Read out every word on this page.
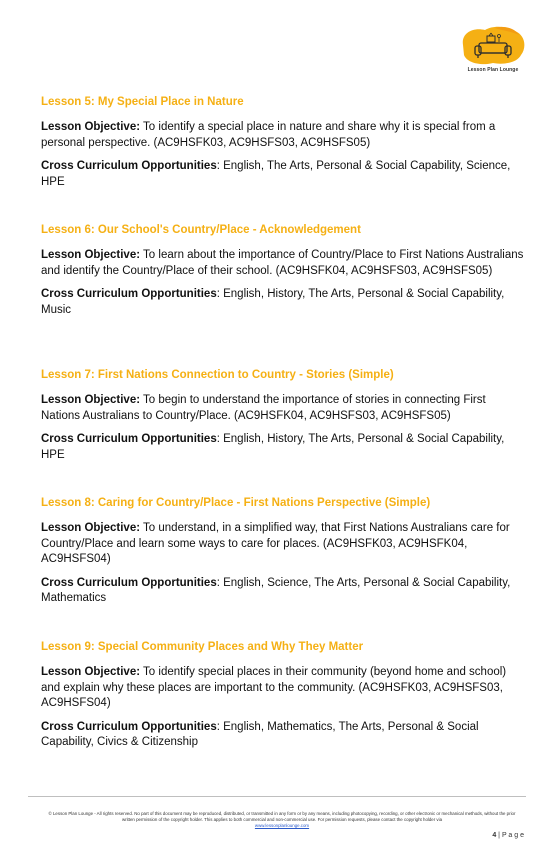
Lesson Plan Lounge
Lesson 5: My Special Place in Nature

Lesson Objective: To identify a special place in nature and share why it is special from a personal perspective. (AC9HSFK03, AC9HSFS03, AC9HSFS05)

Cross Curriculum Opportunities: English, The Arts, Personal & Social Capability, Science, HPE

Lesson 6: Our School's Country/Place - Acknowledgement

Lesson Objective: To learn about the importance of Country/Place to First Nations Australians and identify the Country/Place of their school. (AC9HSFK04, AC9HSFS03, AC9HSFS05)

Cross Curriculum Opportunities: English, History, The Arts, Personal & Social Capability, Music

Lesson 7: First Nations Connection to Country - Stories (Simple)

Lesson Objective: To begin to understand the importance of stories in connecting First Nations Australians to Country/Place. (AC9HSFK04, AC9HSFS03, AC9HSFS05)

Cross Curriculum Opportunities: English, History, The Arts, Personal & Social Capability, HPE

Lesson 8: Caring for Country/Place - First Nations Perspective (Simple)

Lesson Objective: To understand, in a simplified way, that First Nations Australians care for Country/Place and learn some ways to care for places. (AC9HSFK03, AC9HSFK04, AC9HSFS04)

Cross Curriculum Opportunities: English, Science, The Arts, Personal & Social Capability, Mathematics

Lesson 9: Special Community Places and Why They Matter

Lesson Objective: To identify special places in their community (beyond home and school) and explain why these places are important to the community. (AC9HSFK03, AC9HSFS03, AC9HSFS04)

Cross Curriculum Opportunities: English, Mathematics, The Arts, Personal & Social Capability, Civics & Citizenship

© Lesson Plan Lounge - All rights reserved. No part of this document may be reproduced, distributed, or transmitted in any form or by any means, including photocopying, recording, or other electronic or mechanical methods, without the prior written permission of the copyright holder. This applies to both commercial and non-commercial use. For permission requests, please contact the copyright holder via
www.lessonplanlounge.com
4 | P a g e
